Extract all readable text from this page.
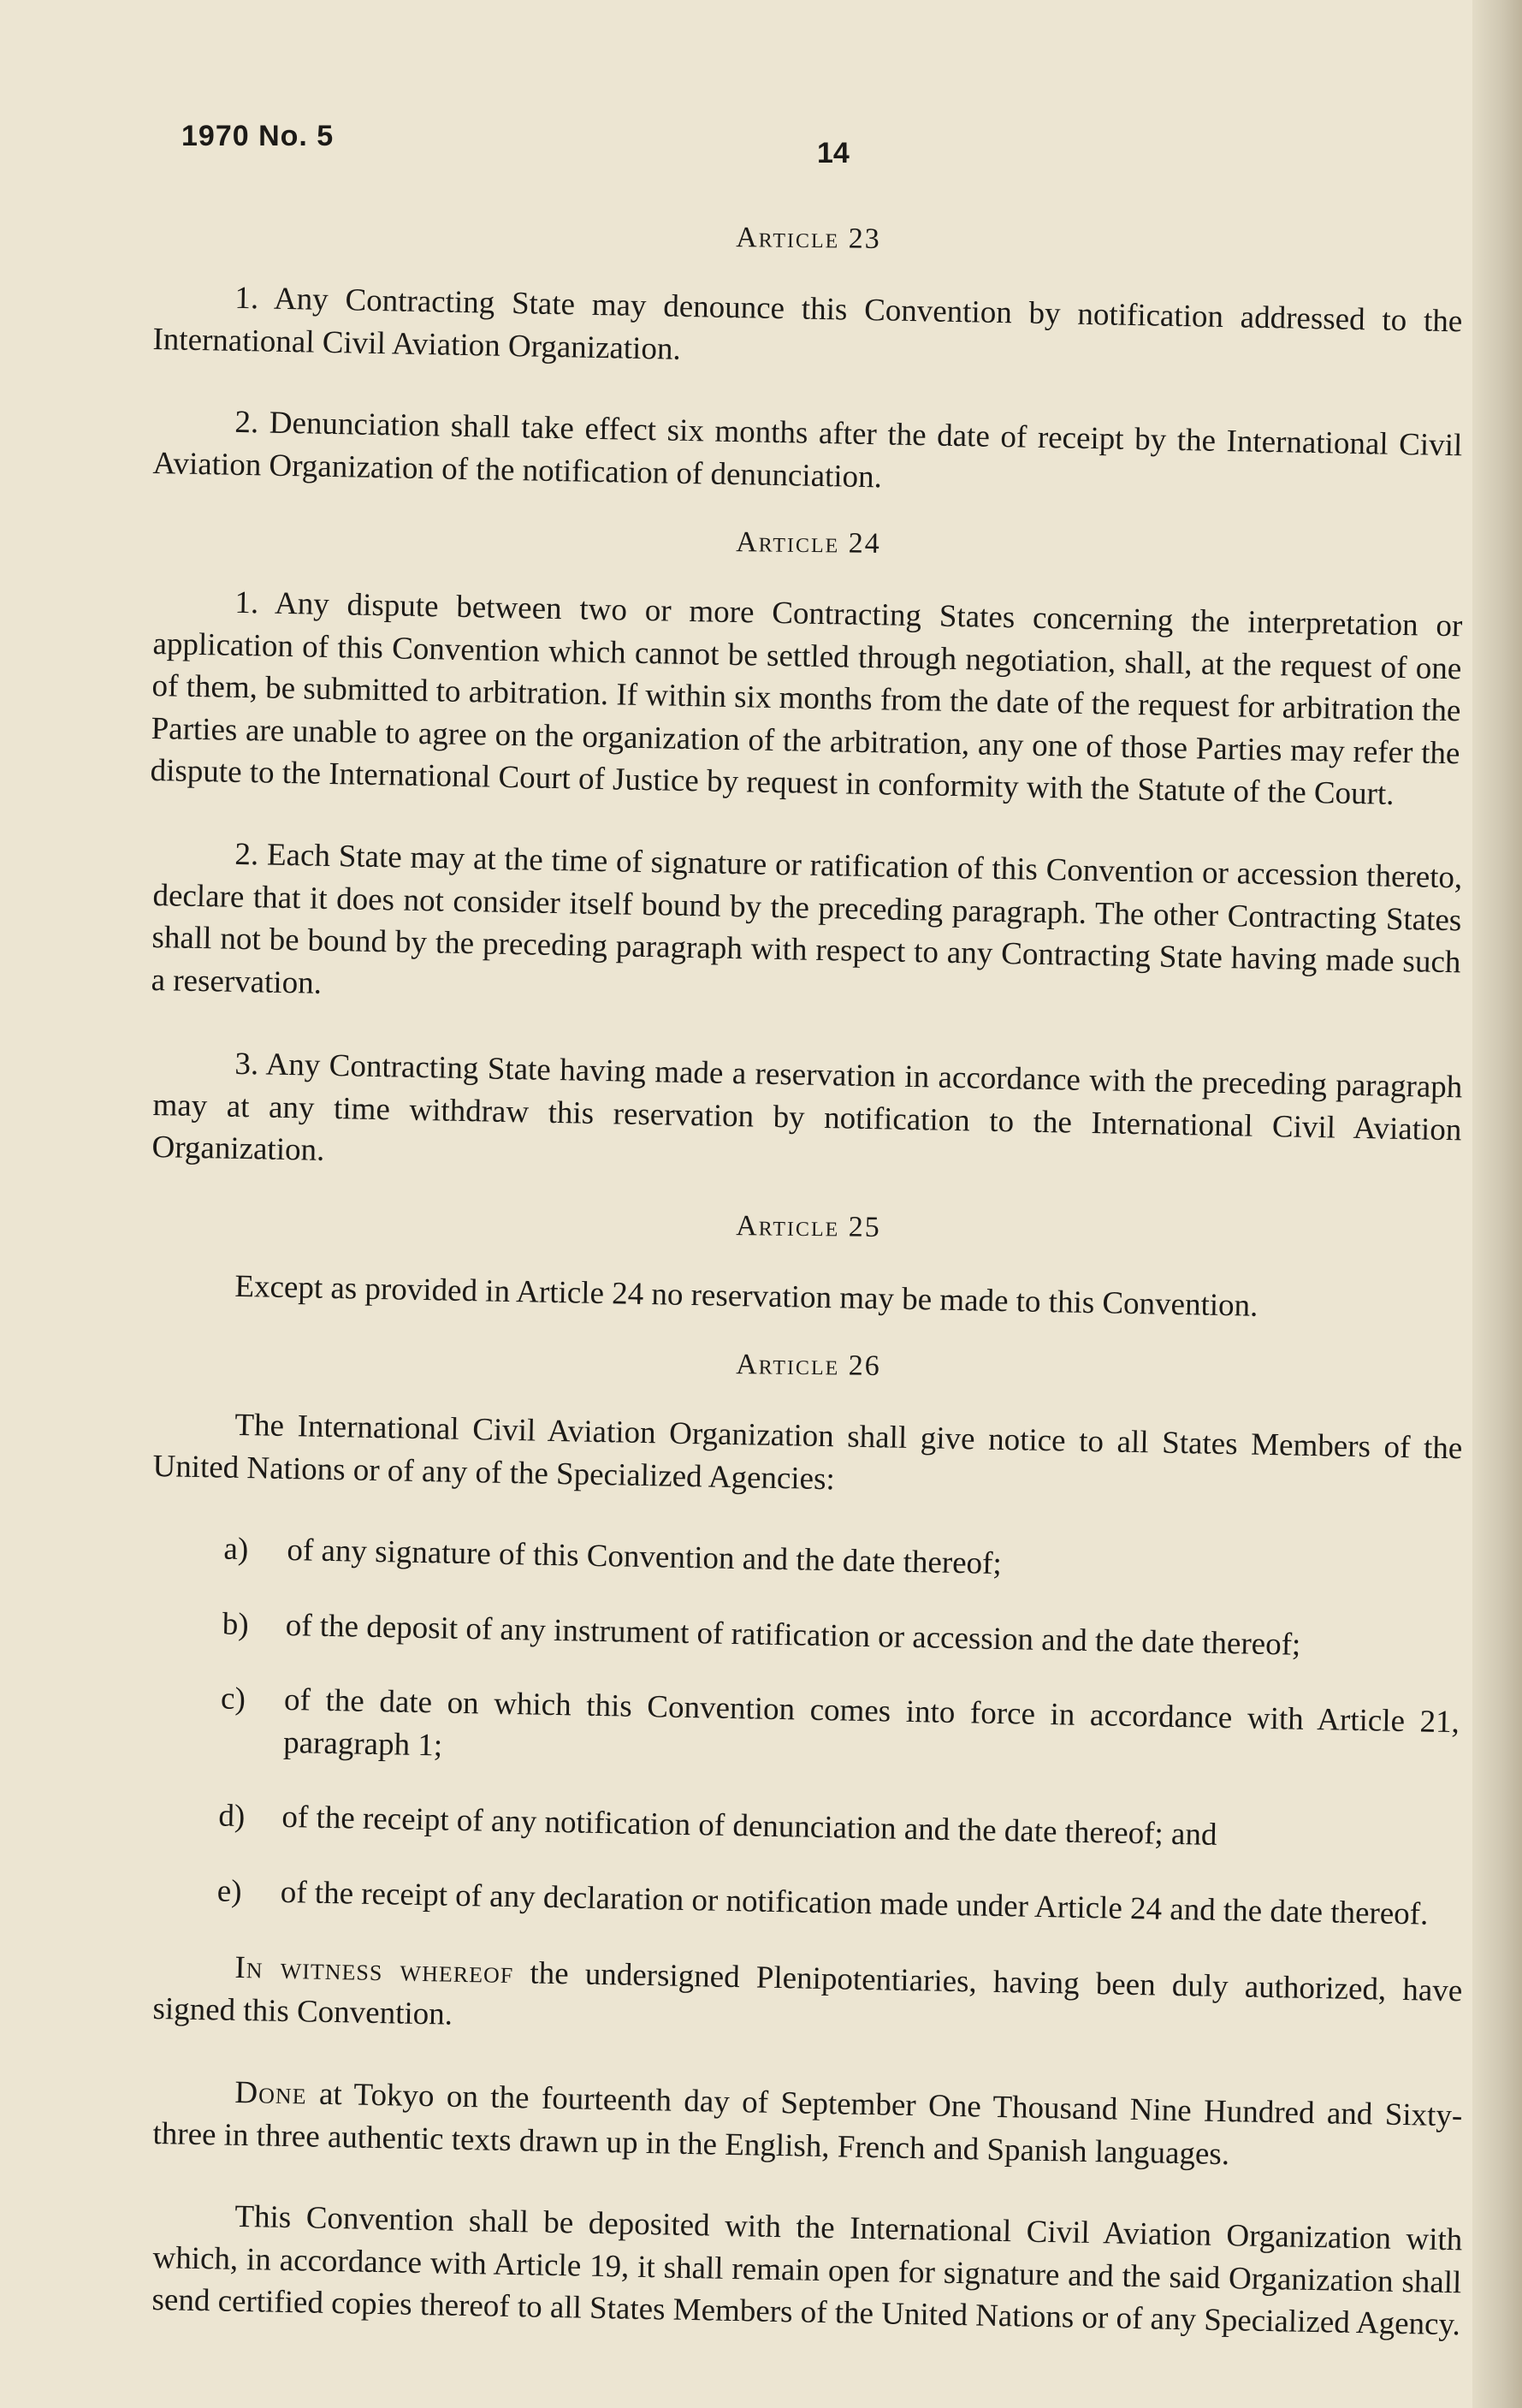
1970 No. 5
14
Article 23

1. Any Contracting State may denounce this Convention by notification addressed to the International Civil Aviation Organization.

2. Denunciation shall take effect six months after the date of receipt by the International Civil Aviation Organization of the notification of denunciation.

Article 24

1. Any dispute between two or more Contracting States concerning the interpretation or application of this Convention which cannot be settled through negotiation, shall, at the request of one of them, be submitted to arbitration. If within six months from the date of the request for arbitration the Parties are unable to agree on the organization of the arbitration, any one of those Parties may refer the dispute to the International Court of Justice by request in conformity with the Statute of the Court.

2. Each State may at the time of signature or ratification of this Convention or accession thereto, declare that it does not consider itself bound by the preceding paragraph. The other Contracting States shall not be bound by the preceding paragraph with respect to any Contracting State having made such a reservation.

3. Any Contracting State having made a reservation in accordance with the preceding paragraph may at any time withdraw this reservation by notification to the International Civil Aviation Organization.

Article 25

Except as provided in Article 24 no reservation may be made to this Convention.

Article 26

The International Civil Aviation Organization shall give notice to all States Members of the United Nations or of any of the Specialized Agencies:

a)	of any signature of this Convention and the date thereof;
b)	of the deposit of any instrument of ratification or accession and the date thereof;
c)	of the date on which this Convention comes into force in accordance with Article 21, paragraph 1;
d)	of the receipt of any notification of denunciation and the date thereof; and
e)	of the receipt of any declaration or notification made under Article 24 and the date thereof.

In witness whereof the undersigned Plenipotentiaries, having been duly authorized, have signed this Convention.

Done at Tokyo on the fourteenth day of September One Thousand Nine Hundred and Sixty-three in three authentic texts drawn up in the English, French and Spanish languages.

This Convention shall be deposited with the International Civil Aviation Organization with which, in accordance with Article 19, it shall remain open for signature and the said Organization shall send certified copies thereof to all States Members of the United Nations or of any Specialized Agency.
